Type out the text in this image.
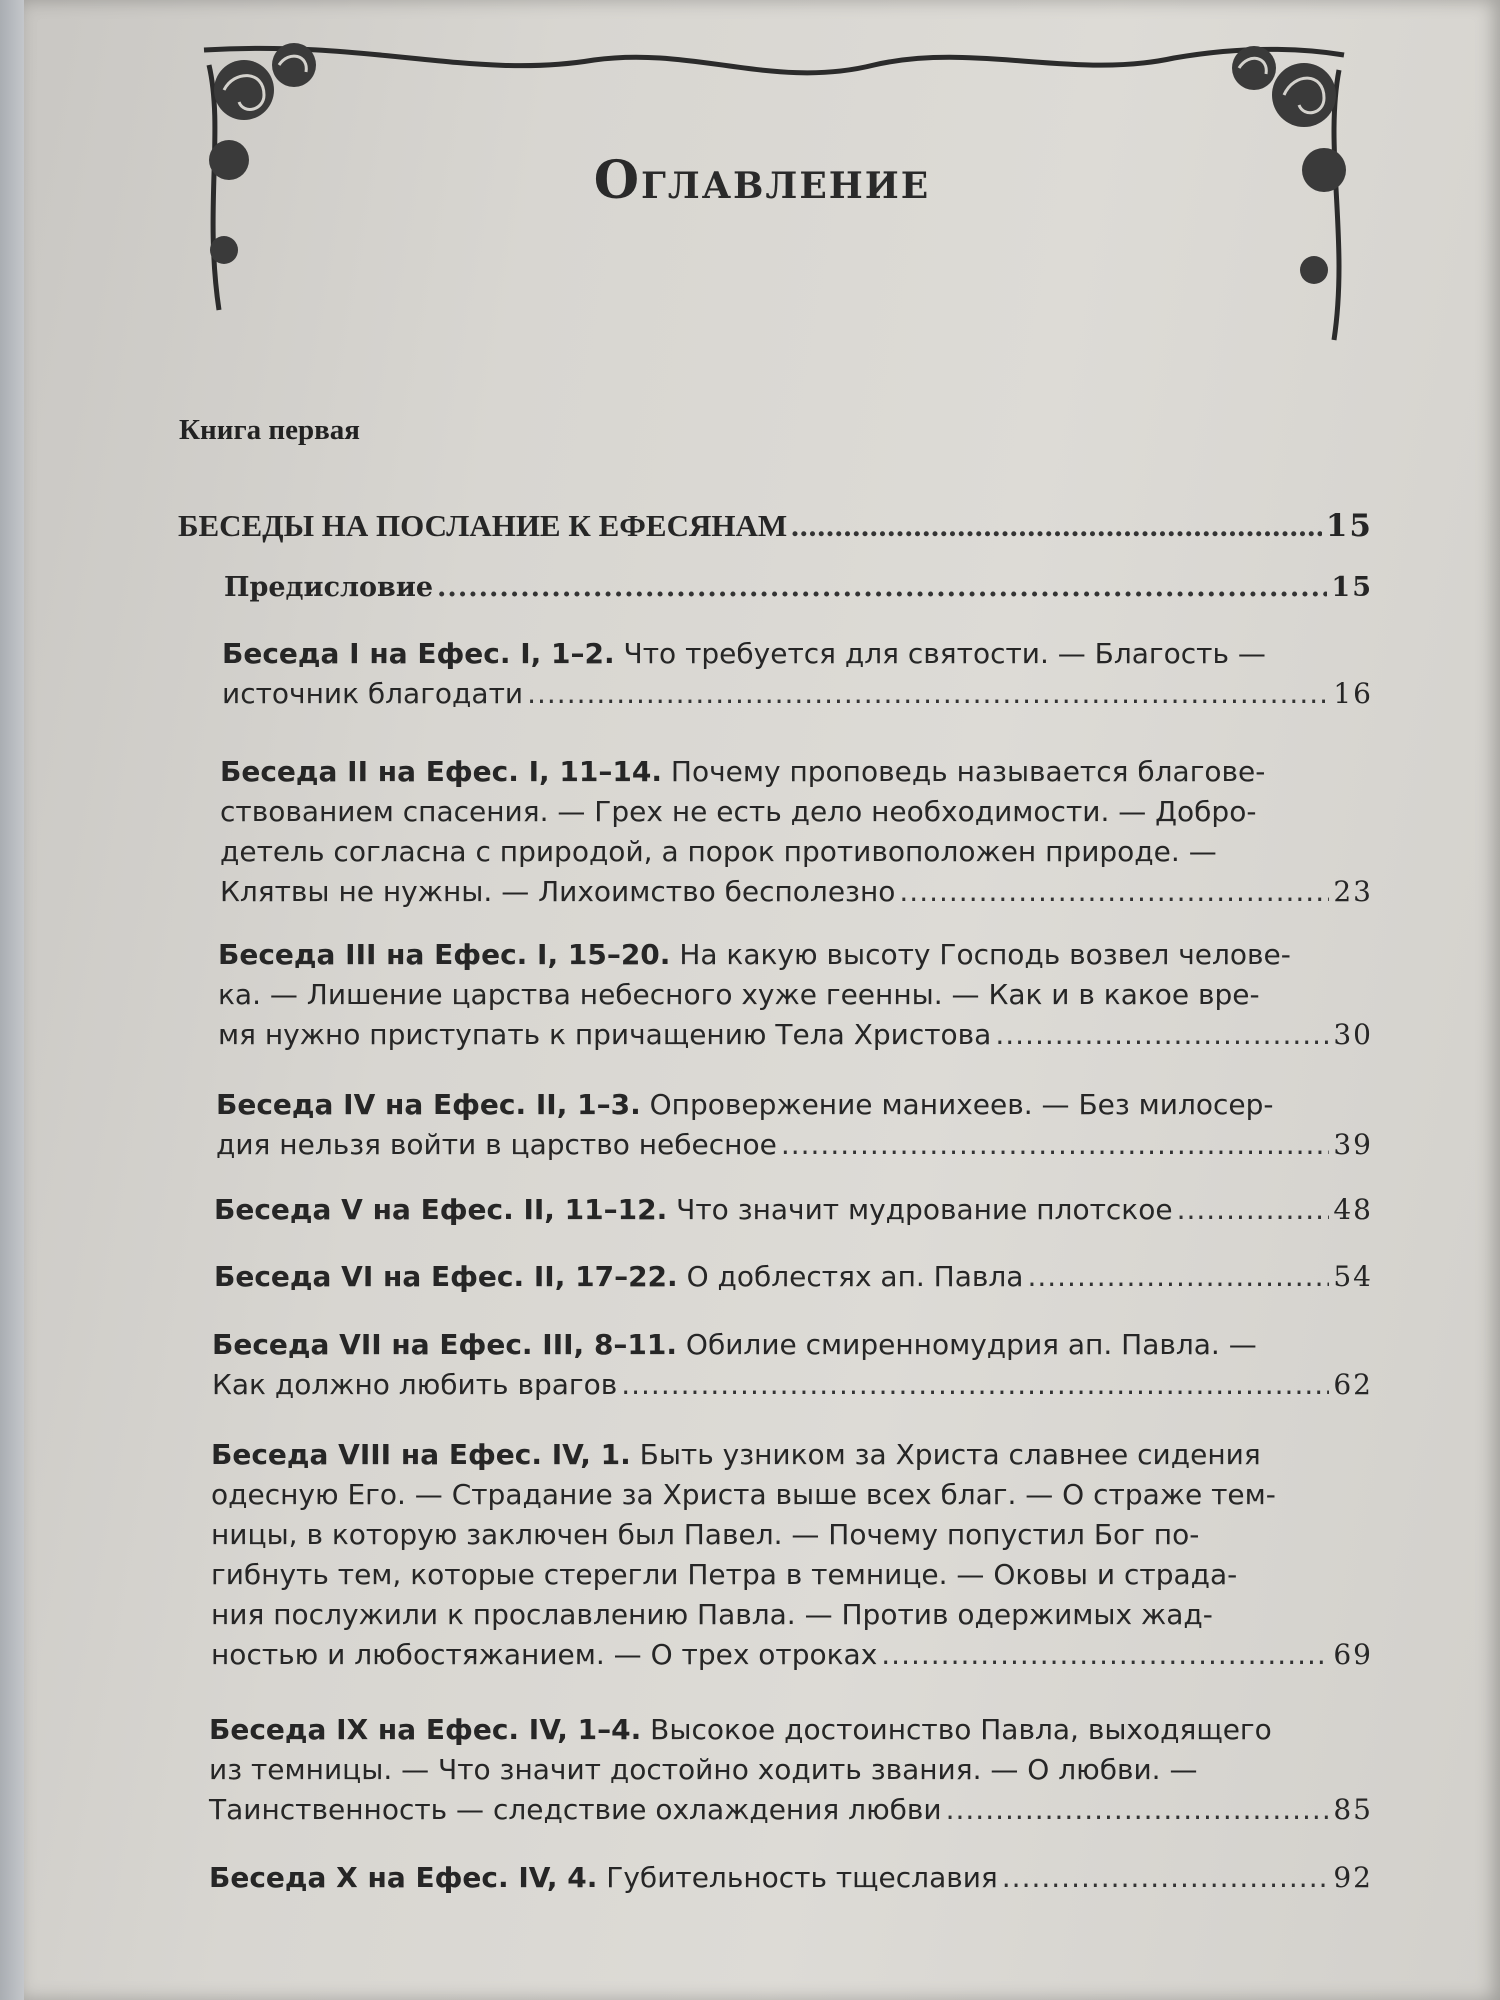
Оглавление
Книга первая
БЕСЕДЫ НА ПОСЛАНИЕ К ЕФЕСЯНАМ .....	15
Предисловие .....	15
Беседа I на Ефес. I, 1–2. Что требуется для святости. — Благость —
источник благодати .....	16
Беседа II на Ефес. I, 11–14. Почему проповедь называется благове-
ствованием спасения. — Грех не есть дело необходимости. — Добро-
детель согласна с природой, а порок противоположен природе. —
Клятвы не нужны. — Лихоимство бесполезно .....	23
Беседа III на Ефес. I, 15–20. На какую высоту Господь возвел челове-
ка. — Лишение царства небесного хуже геенны. — Как и в какое вре-
мя нужно приступать к причащению Тела Христова .....	30
Беседа IV на Ефес. II, 1–3. Опровержение манихеев. — Без милосер-
дия нельзя войти в царство небесное .....	39
Беседа V на Ефес. II, 11–12. Что значит мудрование плотское .....	48
Беседа VI на Ефес. II, 17–22. О доблестях ап. Павла .....	54
Беседа VII на Ефес. III, 8–11. Обилие смиренномудрия ап. Павла. —
Как должно любить врагов .....	62
Беседа VIII на Ефес. IV, 1. Быть узником за Христа славнее сидения
одесную Его. — Страдание за Христа выше всех благ. — О страже тем-
ницы, в которую заключен был Павел. — Почему попустил Бог по-
гибнуть тем, которые стерегли Петра в темнице. — Оковы и страда-
ния послужили к прославлению Павла. — Против одержимых жад-
ностью и любостяжанием. — О трех отроках .....	69
Беседа IX на Ефес. IV, 1–4. Высокое достоинство Павла, выходящего
из темницы. — Что значит достойно ходить звания. — О любви. —
Таинственность — следствие охлаждения любви .....	85
Беседа X на Ефес. IV, 4. Губительность тщеславия .....	92
